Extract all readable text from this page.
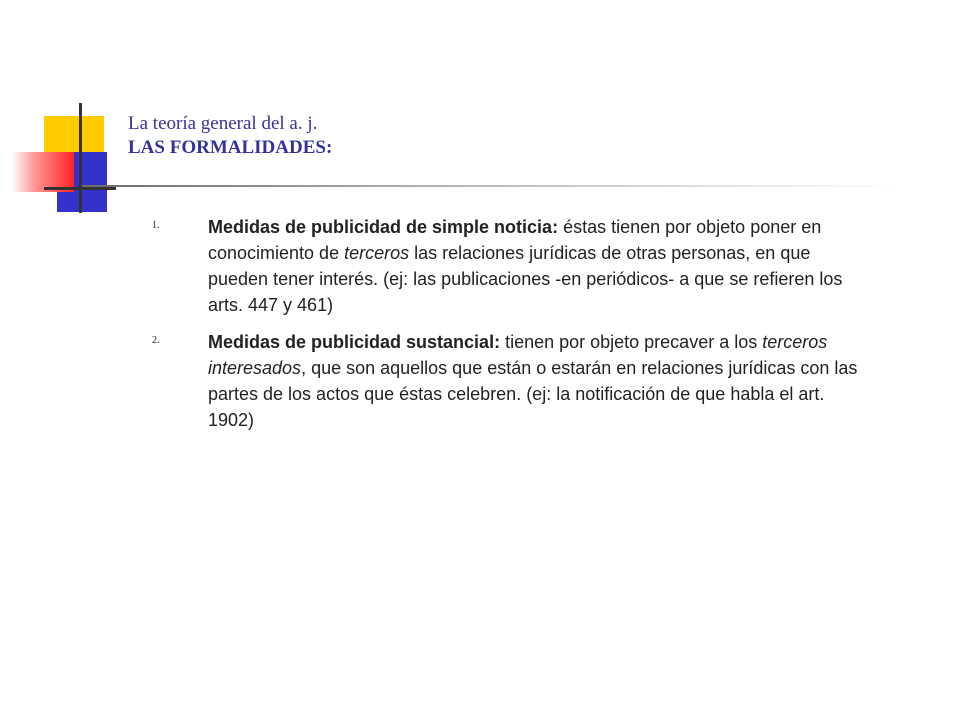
La teoría general del a. j.
LAS FORMALIDADES:
1.	Medidas de publicidad de simple noticia: éstas tienen por objeto poner en conocimiento de terceros las relaciones jurídicas de otras personas, en que pueden tener interés. (ej: las publicaciones -en periódicos- a que se refieren los arts. 447 y 461)
2.	Medidas de publicidad sustancial: tienen por objeto precaver a los terceros interesados, que son aquellos que están o estarán en relaciones jurídicas con las partes de los actos que éstas celebren. (ej: la notificación de que habla el art. 1902)
